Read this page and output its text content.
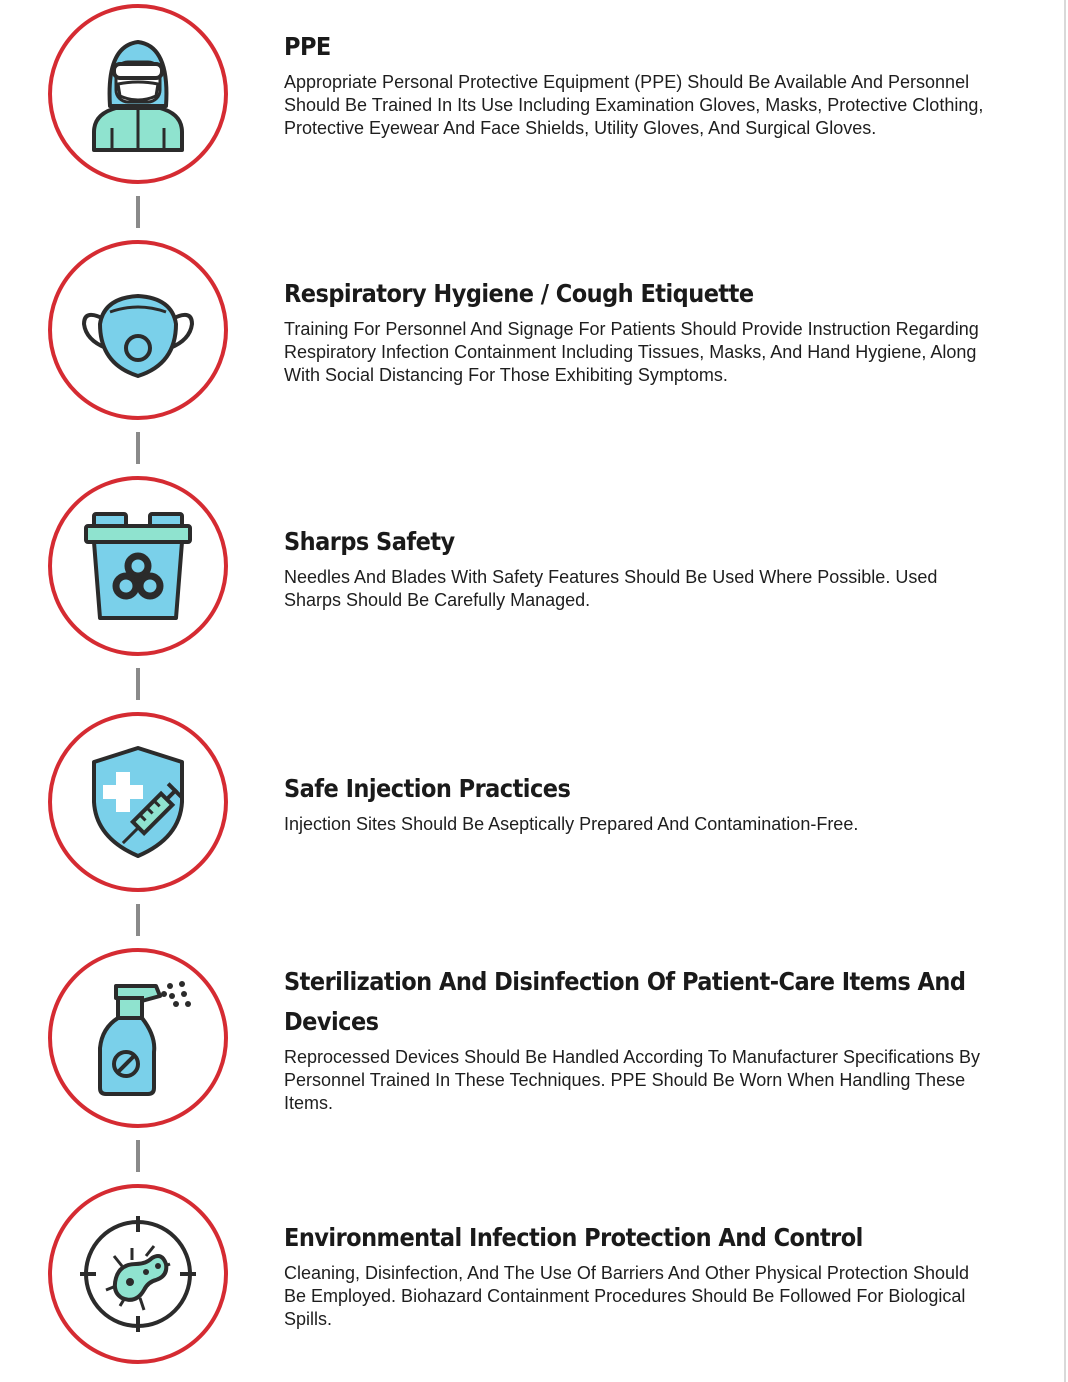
PPE
Appropriate Personal Protective Equipment (PPE) Should Be Available And Personnel Should Be Trained In Its Use Including Examination Gloves, Masks, Protective Clothing, Protective Eyewear And Face Shields, Utility Gloves, And Surgical Gloves.
Respiratory Hygiene / Cough Etiquette
Training For Personnel And Signage For Patients Should Provide Instruction Regarding Respiratory Infection Containment Including Tissues, Masks, And Hand Hygiene, Along With Social Distancing For Those Exhibiting Symptoms.
Sharps Safety
Needles And Blades With Safety Features Should Be Used Where Possible. Used Sharps Should Be Carefully Managed.
Safe Injection Practices
Injection Sites Should Be Aseptically Prepared And Contamination-Free.
Sterilization And Disinfection Of Patient-Care Items And Devices
Reprocessed Devices Should Be Handled According To Manufacturer Specifications By Personnel Trained In These Techniques. PPE Should Be Worn When Handling These Items.
Environmental Infection Protection And Control
Cleaning, Disinfection, And The Use Of Barriers And Other Physical Protection Should Be Employed. Biohazard Containment Procedures Should Be Followed For Biological Spills.
